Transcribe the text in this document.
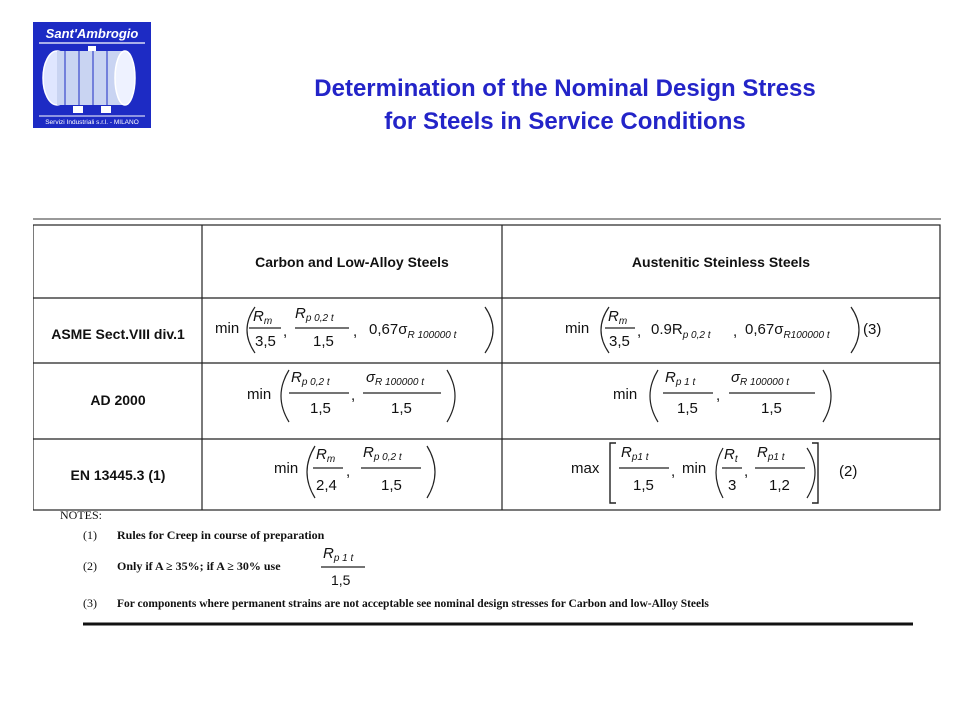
Sant'Ambrogio
Servizi Industriali s.r.l. - MILANO
Determination of the Nominal Design Stress
for Steels in Service Conditions
Carbon and Low-Alloy Steels	Austenitic Steinless Steels
ASME Sect.VIII div.1
AD 2000
EN 13445.3 (1)
min
$R_m$
3,5
,
$R_{p 0,2 t}$
1,5
, $0,67\sigma_{R 100000 t}$	min
$R_m$
3,5
, $0.9R_{p 0,2 t}$ , $0,67\sigma_{R100000 t}$ (3)
min
$R_{p 0,2 t}$
1,5
,
$\sigma_{R 100000 t}$
1,5
min
$R_{p 1 t}$
1,5
,
$\sigma_{R 100000 t}$
1,5
min
$R_m$
2,4
,
$R_{p 0,2 t}$
1,5
max
$R_{p1 t}$
1,5
, min
$R_t$
3
,
$R_{p1 t}$
1,2
(2)
NOTES:
(1) Rules for Creep in course of preparation
(2) Only if A ≥ 35%; if A ≥ 30% use
$R_{p 1 t}$
1,5
(3) For components where permanent strains are not acceptable see nominal design stresses for Carbon and low-Alloy Steels
